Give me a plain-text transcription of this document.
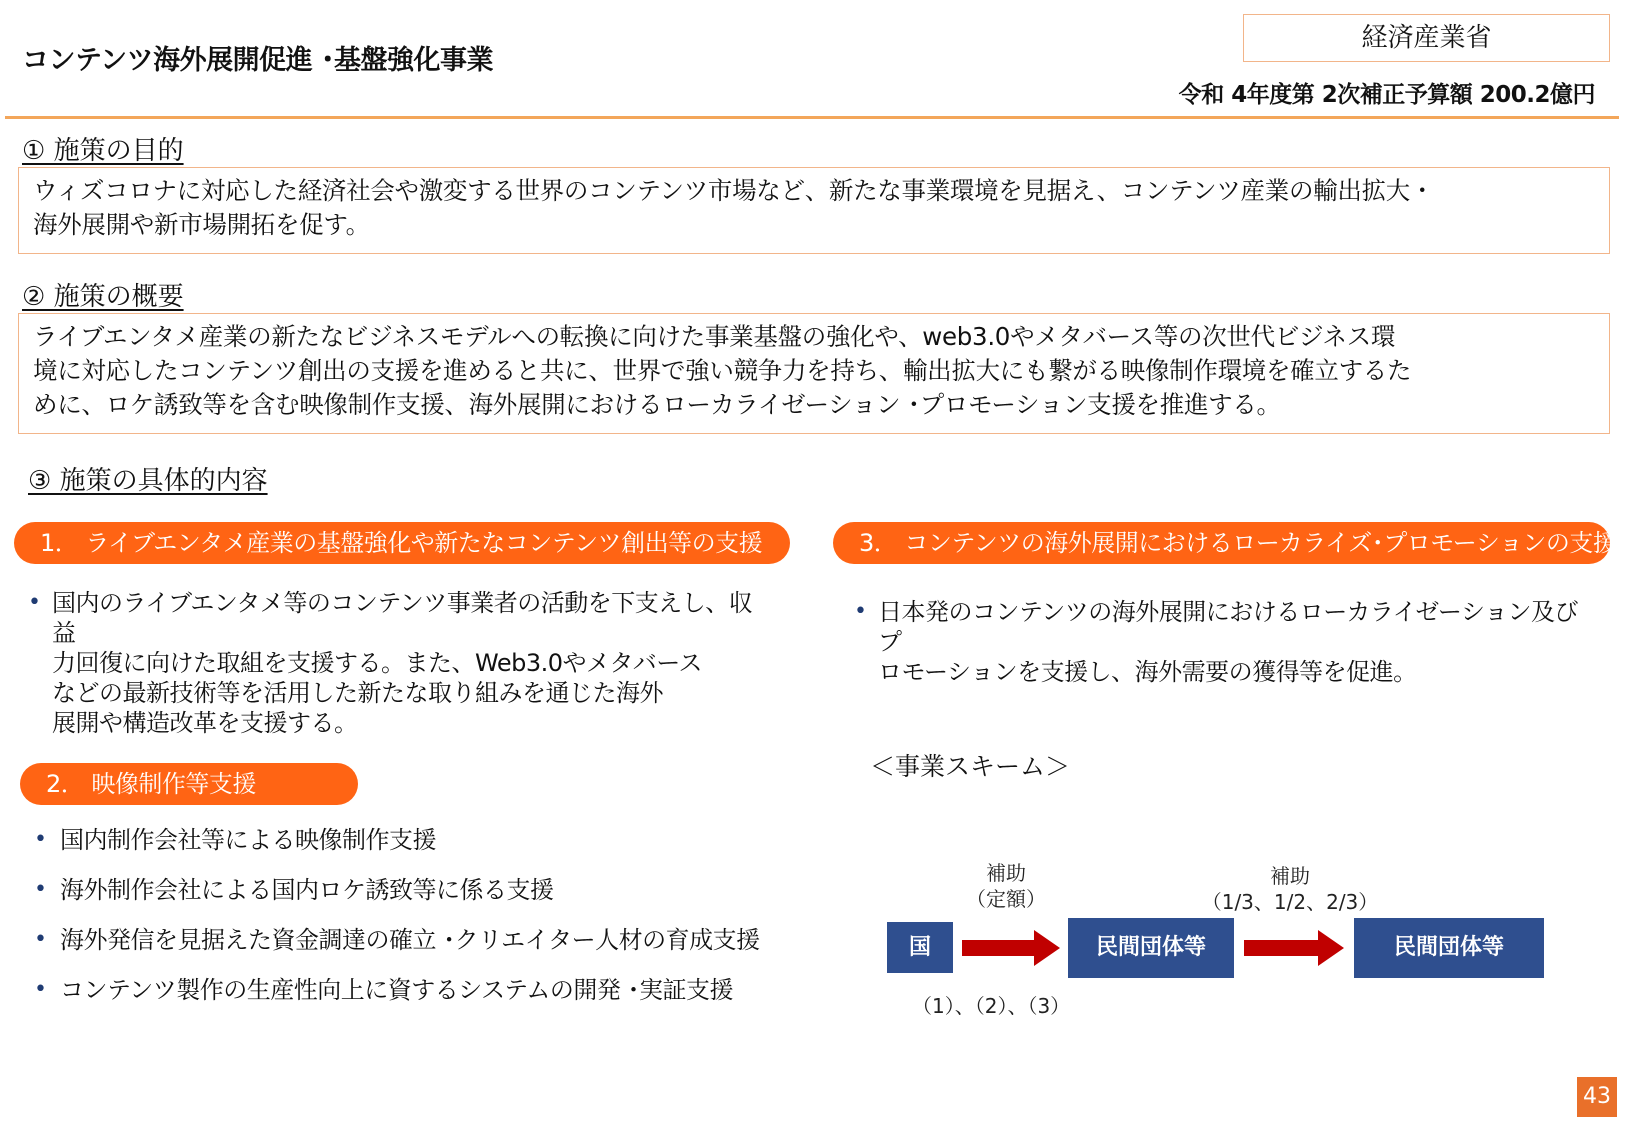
コンテンツ海外展開促進 ･基盤強化事業
経済産業省
令和 4年度第 2次補正予算額 200.2億円
① 施策の目的
ウィズコロナに対応した経済社会や激変する世界のコンテンツ市場など、新たな事業環境を見据え、コンテンツ産業の輸出拡大・
海外展開や新市場開拓を促す。
② 施策の概要
ライブエンタメ産業の新たなビジネスモデルへの転換に向けた事業基盤の強化や、web3.0やメタバース等の次世代ビジネス環
境に対応したコンテンツ創出の支援を進めると共に、世界で強い競争力を持ち、輸出拡大にも繋がる映像制作環境を確立するた
めに、ロケ誘致等を含む映像制作支援、海外展開におけるローカライゼーション ･プロモーション支援を推進する。
③ 施策の具体的内容
1． ライブエンタメ産業の基盤強化や新たなコンテンツ創出等の支援
• 国内のライブエンタメ等のコンテンツ事業者の活動を下支えし、収益
力回復に向けた取組を支援する。また、Web3.0やメタバース
などの最新技術等を活用した新たな取り組みを通じた海外
展開や構造改革を支援する。
2． 映像制作等支援
• 国内制作会社等による映像制作支援
• 海外制作会社による国内ロケ誘致等に係る支援
• 海外発信を見据えた資金調達の確立 ･クリエイター人材の育成支援
• コンテンツ製作の生産性向上に資するシステムの開発 ･実証支援
3． コンテンツの海外展開におけるローカライズ･プロモーションの支援
• 日本発のコンテンツの海外展開におけるローカライゼーション及びプ
ロモーションを支援し、海外需要の獲得等を促進。
＜事業スキーム＞
補助
（定額）
補助
（1/3、1/2、2/3）
国	民間団体等	民間団体等
（1）、（2）、（3）
43
